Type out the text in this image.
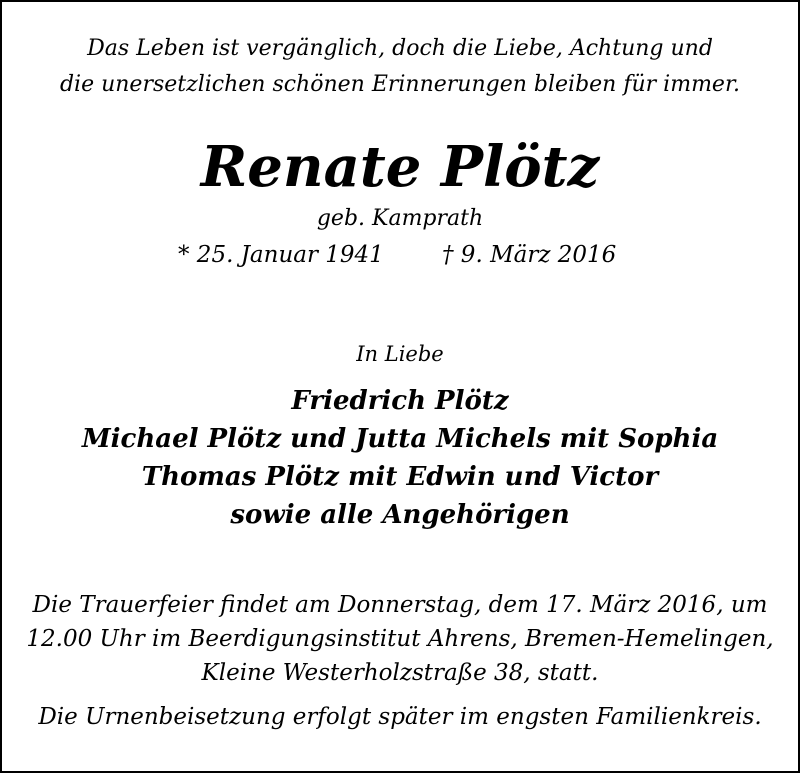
Das Leben ist vergänglich, doch die Liebe, Achtung und
die unersetzlichen schönen Erinnerungen bleiben für immer.
Renate Plötz
geb. Kamprath
* 25. Januar 1941	† 9. März 2016
In Liebe
Friedrich Plötz
Michael Plötz und Jutta Michels mit Sophia
Thomas Plötz mit Edwin und Victor
sowie alle Angehörigen
Die Trauerfeier findet am Donnerstag, dem 17. März 2016, um
12.00 Uhr im Beerdigungsinstitut Ahrens, Bremen-Hemelingen,
Kleine Westerholzstraße 38, statt.
Die Urnenbeisetzung erfolgt später im engsten Familienkreis.
